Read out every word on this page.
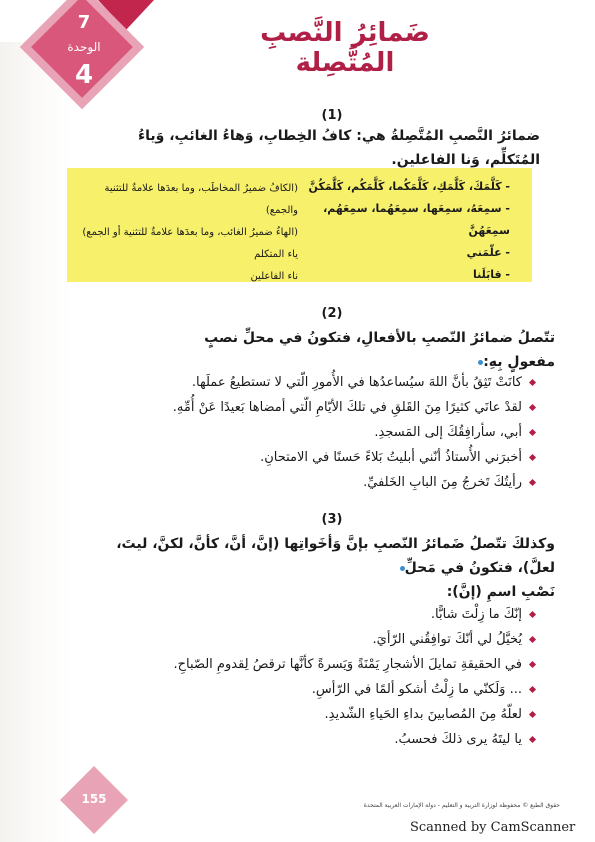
7
الوحدة
4
ضَمائِرُ النَّصبِ المُتَّصِلة
(1)
ضمائرُ النَّصبِ المُتَّصِلةُ هي: كافُ الخِطابِ، وَهاءُ الغائبِ، وَياءُ المُتَكلِّمِ، وَنا الفاعلين.
- كَلَّمَكَ، كَلَّمَكِ، كَلَّمَكُما، كَلَّمَكُم، كَلَّمَكُنَّ
- سمِعَهُ، سمِعَها، سمِعَهُما، سمِعَهُم، سمِعَهُنَّ
- علّمَني
- قابَلَنا
(الكافُ ضميرُ المخاطَب، وما بعدَها علامةٌ للتثنية والجمع)
(الهاءُ ضميرُ الغائب، وما بعدَها علامةٌ للتثنية أو الجمع)
ياء المتكلم
ناء الفاعلين
(2)
تتّصلُ ضمائرُ النّصبِ بالأفعالِ، فتكونُ في محلِّ نصبٍ مفعولٍ بِهِ:
كانَتْ تَثِقُ بأنَّ اللهَ سيُساعدُها في الأُمورِ الّتي لا تستطيعُ عملَها.
لقدْ عانَي كثيرًا مِنَ القَلقِ في تلكَ الأيّامِ الّتي أمضاها بَعيدًا عَنْ أُمِّهِ.
أبي، سأرافِقُكَ إلى المَسجدِ.
أخبرَني الأُستاذُ أنّني أبليتُ بَلاءً حَسنًا في الامتحانِ.
رأيتُكَ تَخرجُ مِنَ البابِ الخَلفيِّ.
(3)
وكذلكَ تتّصلُ ضَمائرُ النّصبِ بإنَّ وَأخَواتِها (إنَّ، أنَّ، كأنَّ، لكنَّ، ليتَ، لعلَّ)، فتكونُ في مَحلِّ
نَصْبِ اسمِ (إنَّ):
إنّكَ ما زِلْتَ شابًّا.
يُخيَّلُ لي أنّكَ توافِقُني الرّأيَ.
في الحقيقةِ تمايلَ الأشجارِ يَمْنَةً وَيَسرةً كأنَّها ترقصُ لِقدومِ الصّباحِ.
... وَلَكنّي ما زِلْتُ أشكو ألمًا في الرّأسِ.
لعلّهُ مِنَ المُصابينَ بداءِ الحَياءِ الشّديدِ.
يا ليتَهُ يرى ذلكَ فحسبُ.
155	حقوق الطبع © محفوظة لوزارة التربية و التعليم - دولة الإمارات العربية المتحدة
Scanned by CamScanner
